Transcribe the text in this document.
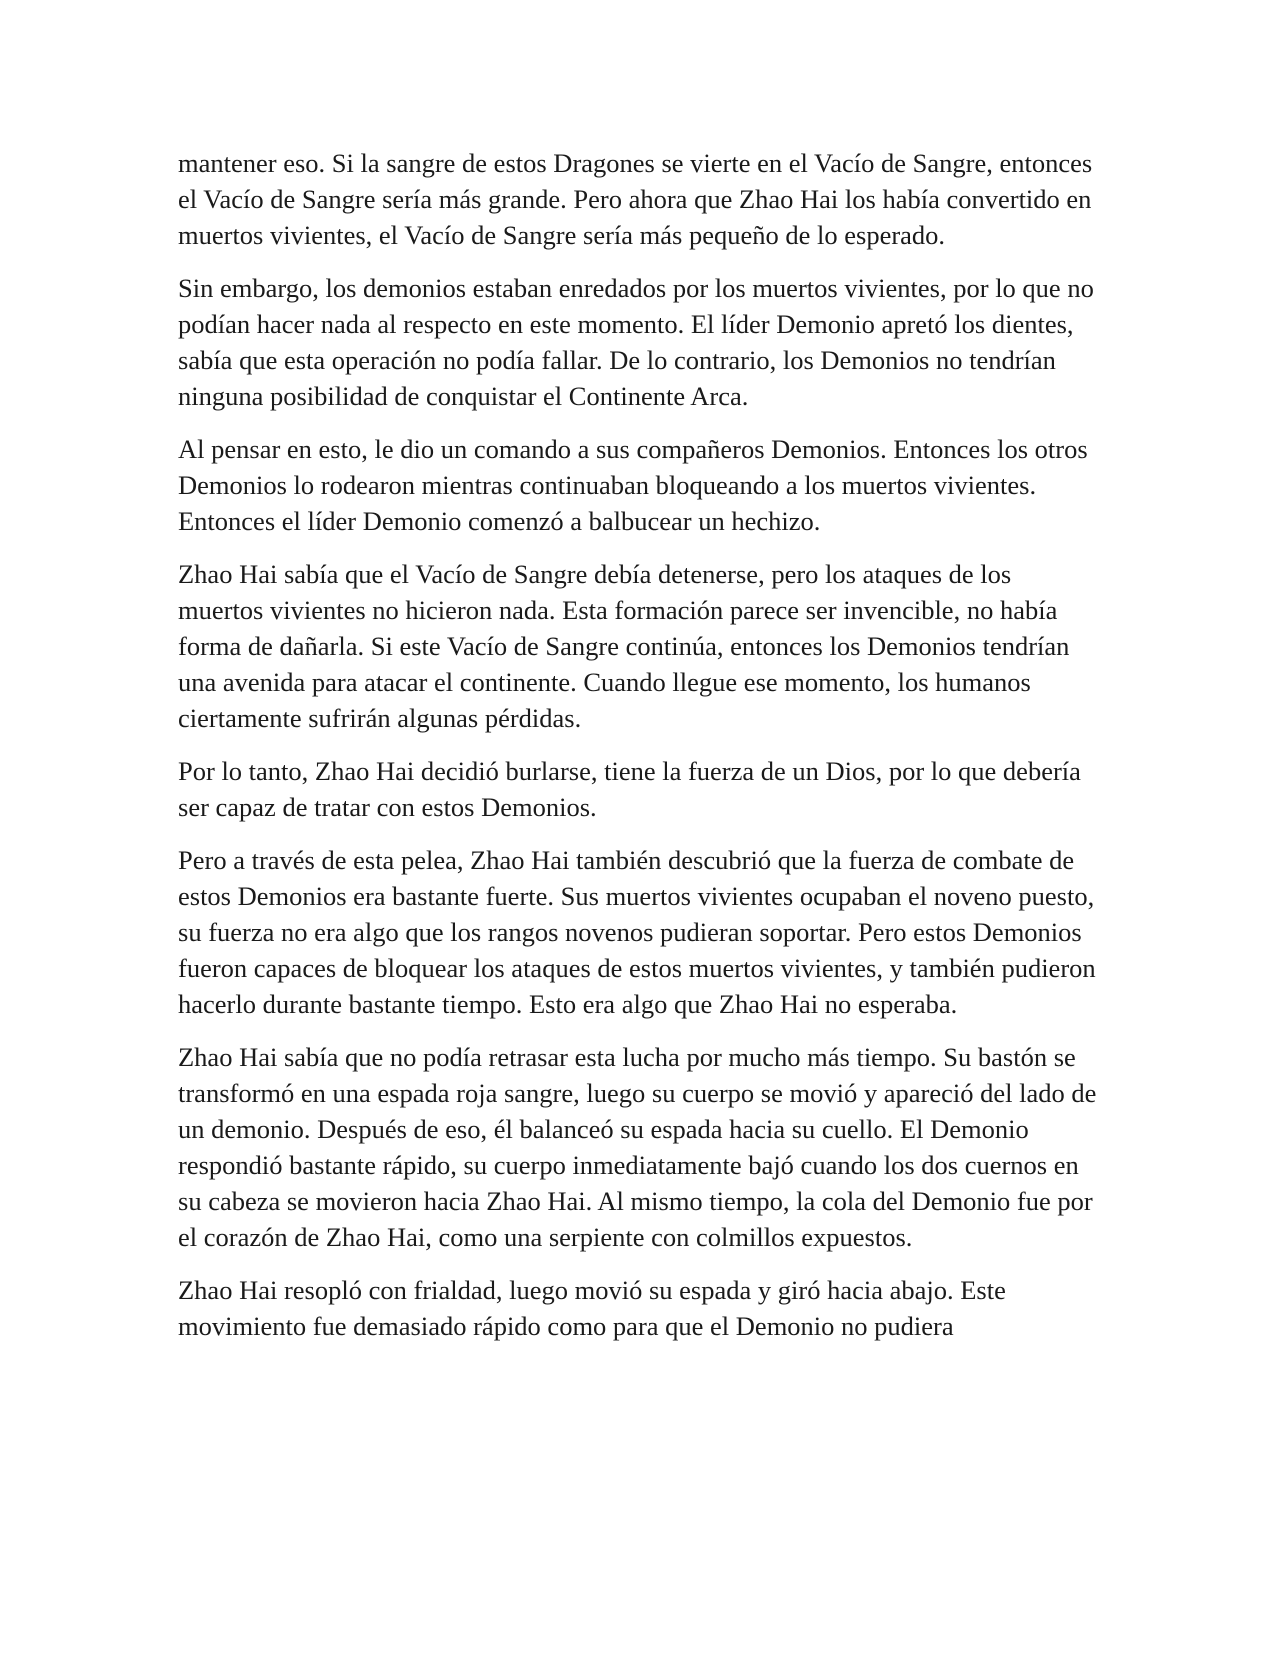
mantener eso. Si la sangre de estos Dragones se vierte en el Vacío de Sangre, entonces el Vacío de Sangre sería más grande. Pero ahora que Zhao Hai los había convertido en muertos vivientes, el Vacío de Sangre sería más pequeño de lo esperado.

Sin embargo, los demonios estaban enredados por los muertos vivientes, por lo que no podían hacer nada al respecto en este momento. El líder Demonio apretó los dientes, sabía que esta operación no podía fallar. De lo contrario, los Demonios no tendrían ninguna posibilidad de conquistar el Continente Arca.

Al pensar en esto, le dio un comando a sus compañeros Demonios. Entonces los otros Demonios lo rodearon mientras continuaban bloqueando a los muertos vivientes. Entonces el líder Demonio comenzó a balbucear un hechizo.

Zhao Hai sabía que el Vacío de Sangre debía detenerse, pero los ataques de los muertos vivientes no hicieron nada. Esta formación parece ser invencible, no había forma de dañarla. Si este Vacío de Sangre continúa, entonces los Demonios tendrían una avenida para atacar el continente. Cuando llegue ese momento, los humanos ciertamente sufrirán algunas pérdidas.

Por lo tanto, Zhao Hai decidió burlarse, tiene la fuerza de un Dios, por lo que debería ser capaz de tratar con estos Demonios.

Pero a través de esta pelea, Zhao Hai también descubrió que la fuerza de combate de estos Demonios era bastante fuerte. Sus muertos vivientes ocupaban el noveno puesto, su fuerza no era algo que los rangos novenos pudieran soportar. Pero estos Demonios fueron capaces de bloquear los ataques de estos muertos vivientes, y también pudieron hacerlo durante bastante tiempo. Esto era algo que Zhao Hai no esperaba.

Zhao Hai sabía que no podía retrasar esta lucha por mucho más tiempo. Su bastón se transformó en una espada roja sangre, luego su cuerpo se movió y apareció del lado de un demonio. Después de eso, él balanceó su espada hacia su cuello. El Demonio respondió bastante rápido, su cuerpo inmediatamente bajó cuando los dos cuernos en su cabeza se movieron hacia Zhao Hai. Al mismo tiempo, la cola del Demonio fue por el corazón de Zhao Hai, como una serpiente con colmillos expuestos.

Zhao Hai resopló con frialdad, luego movió su espada y giró hacia abajo. Este movimiento fue demasiado rápido como para que el Demonio no pudiera
